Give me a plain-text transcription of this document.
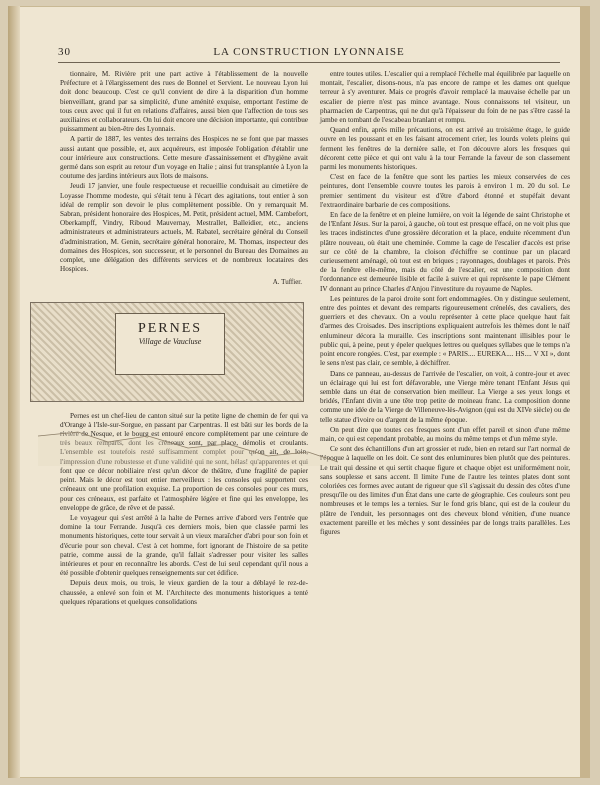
30	LA CONSTRUCTION LYONNAISE

tionnaire, M. Rivière prit une part active à l'établissement de la nouvelle Préfecture et à l'élargissement des rues de Bonnel et Servient. Le nouveau Lyon lui doit donc beaucoup. C'est ce qu'il convient de dire à la disparition d'un homme bienveillant, grand par sa simplicité, d'une aménité exquise, emportant l'estime de tous ceux avec qui il fut en relations d'affaires, aussi bien que l'affection de tous ses auxiliaires et collaborateurs. On lui doit encore une décision importante, qui contribue puissamment au bien-être des Lyonnais.

A partir de 1887, les ventes des terrains des Hospices ne se font que par masses aussi autant que possible, et, aux acquéreurs, est imposée l'obligation d'établir une cour intérieure aux constructions. Cette mesure d'assainissement et d'hygiène avait germé dans son esprit au retour d'un voyage en Italie ; ainsi fut transplantée à Lyon la coutume des jardins intérieurs aux îlots de maisons.

Jeudi 17 janvier, une foule respectueuse et recueillie conduisait au cimetière de Loyasse l'homme modeste, qui s'était tenu à l'écart des agitations, tout entier à son idéal de remplir son devoir le plus complètement possible. On y remarquait M. Sabran, président honoraire des Hospices, M. Petit, président actuel, MM. Cambefort, Oberkampff, Vindry, Riboud Mauvernay, Mestrallet, Balleidier, etc., anciens administrateurs et administrateurs actuels, M. Rabatel, secrétaire général du Conseil d'administration, M. Genin, secrétaire général honoraire, M. Thomas, inspecteur des domaines des Hospices, son successeur, et le personnel du Bureau des Domaines au complet, une délégation des différents services et de nombreux locataires des Hospices.

A. Tuffier.
PERNES
Village de Vaucluse

Pernes est un chef-lieu de canton situé sur la petite ligne de chemin de fer qui va d'Orange à l'Isle-sur-Sorgue, en passant par Carpentras. Il est bâti sur les bords de la rivière de Nesque, et le bourg est entouré encore complètement par une ceinture de très beaux remparts, dont les créneaux sont, par place, démolis et croulants. L'ensemble est toutefois resté suffisamment complet pour qu'on ait, de loin, l'impression d'une robustesse et d'une validité qui ne sont, hélas! qu'apparentes et qui font que ce décor nobiliaire n'est qu'un décor de théâtre, d'une fragilité de papier peint. Mais le décor est tout entier merveilleux : les consoles qui supportent ces créneaux ont une profilation exquise. La proportion de ces consoles pour ces murs, pour ces créneaux, est parfaite et l'atmosphère légère et fine qui les enveloppe, les enveloppe de grâce, de rêve et de passé.

Le voyageur qui s'est arrêté à la halte de Pernes arrive d'abord vers l'entrée que domine la tour Ferrande. Jusqu'à ces derniers mois, bien que classée parmi les monuments historiques, cette tour servait à un vieux maraîcher d'abri pour son foin et d'écurie pour son cheval. C'est à cet homme, fort ignorant de l'histoire de sa petite patrie, comme aussi de la grande, qu'il fallait s'adresser pour visiter les salles intérieures et pour en reconnaître les abords. C'est de lui seul cependant qu'il nous a été possible d'obtenir quelques renseignements sur cet édifice.

Depuis deux mois, ou trois, le vieux gardien de la tour a déblayé le rez-de-chaussée, a enlevé son foin et M. l'Architecte des monuments historiques a tenté quelques réparations et quelques consolidations

entre toutes utiles. L'escalier qui a remplacé l'échelle mal équilibrée par laquelle on montait, l'escalier, disons-nous, n'a pas encore de rampe et les dames ont quelque terreur à s'y aventurer. Mais ce progrès d'avoir remplacé la mauvaise échelle par un escalier de pierre n'est pas mince avantage. Nous connaissons tel visiteur, un pharmacien de Carpentras, qui ne dut qu'à l'épaisseur du foin de ne pas s'être cassé la jambe en tombant de l'escabeau branlant et rompu.

Quand enfin, après mille précautions, on est arrivé au troisième étage, le guide ouvre en les poussant et en les faisant atrocement crier, les lourds volets pleins qui ferment les fenêtres de la dernière salle, et l'on découvre alors les fresques qui décorent cette pièce et qui ont valu à la tour Ferrande la faveur de son classement parmi les monuments historiques.

C'est en face de la fenêtre que sont les parties les mieux conservées de ces peintures, dont l'ensemble couvre toutes les parois à environ 1 m. 20 du sol. Le premier sentiment du visiteur est d'être d'abord étonné et stupéfait devant l'extraordinaire barbarie de ces compositions.

En face de la fenêtre et en pleine lumière, on voit la légende de saint Christophe et de l'Enfant Jésus. Sur la paroi, à gauche, où tout est presque effacé, on ne voit plus que les traces indistinctes d'une grossière décoration et la place, enduite récemment d'un plâtre nouveau, où était une cheminée. Comme la cage de l'escalier d'accès est prise sur ce côté de la chambre, la cloison d'échiffre se continue par un placard curieusement aménagé, où tout est en briques ; rayonnages, doublages et parois. Près de la fenêtre elle-même, mais du côté de l'escalier, est une composition dont l'ordonnance est demeurée lisible et facile à suivre et qui représente le pape Clément IV donnant au prince Charles d'Anjou l'investiture du royaume de Naples.

Les peintures de la paroi droite sont fort endommagées. On y distingue seulement, entre des pointes et devant des remparts rigoureusement crénelés, des cavaliers, des guerriers et des chevaux. On a voulu représenter à cette place quelque haut fait d'armes des Croisades. Des inscriptions expliquaient autrefois les thèmes dont le naïf enlumineur décora la muraille. Ces inscriptions sont maintenant illisibles pour le public qui, à peine, peut y épeler quelques lettres ou quelques syllabes que le temps n'a point encore rongées. C'est, par exemple : « PARIS.... EUREKA.... HS.... V XI », dont le sens n'est pas clair, ce semble, à déchiffrer.

Dans ce panneau, au-dessus de l'arrivée de l'escalier, on voit, à contre-jour et avec un éclairage qui lui est fort défavorable, une Vierge mère tenant l'Enfant Jésus qui semble dans un état de conservation bien meilleur. La Vierge a ses yeux longs et bridés, l'Enfant divin a une tête trop petite de moineau franc. La composition donne comme une idée de la Vierge de Villeneuve-lès-Avignon (qui est du XIVe siècle) ou de telle statue d'ivoire ou d'argent de la même époque.

On peut dire que toutes ces fresques sont d'un effet pareil et sinon d'une même main, ce qui est cependant probable, au moins du même temps et d'un même style.

Ce sont des échantillons d'un art grossier et rude, bien en retard sur l'art normal de l'époque à laquelle on les doit. Ce sont des enluminures bien plutôt que des peintures. Le trait qui dessine et qui sertit chaque figure et chaque objet est uniformément noir, sans souplesse et sans accent. Il limite l'une de l'autre les teintes plates dont sont coloriées ces formes avec autant de rigueur que s'il s'agissait du dessin des côtes d'une presqu'île ou des limites d'un État dans une carte de géographie. Ces couleurs sont peu nombreuses et le temps les a ternies. Sur le fond gris blanc, qui est de la couleur du plâtre de l'enduit, les personnages ont des cheveux blond vénitien, d'une nuance exactement pareille et les mèches y sont dessinées par de longs traits parallèles. Les figures
